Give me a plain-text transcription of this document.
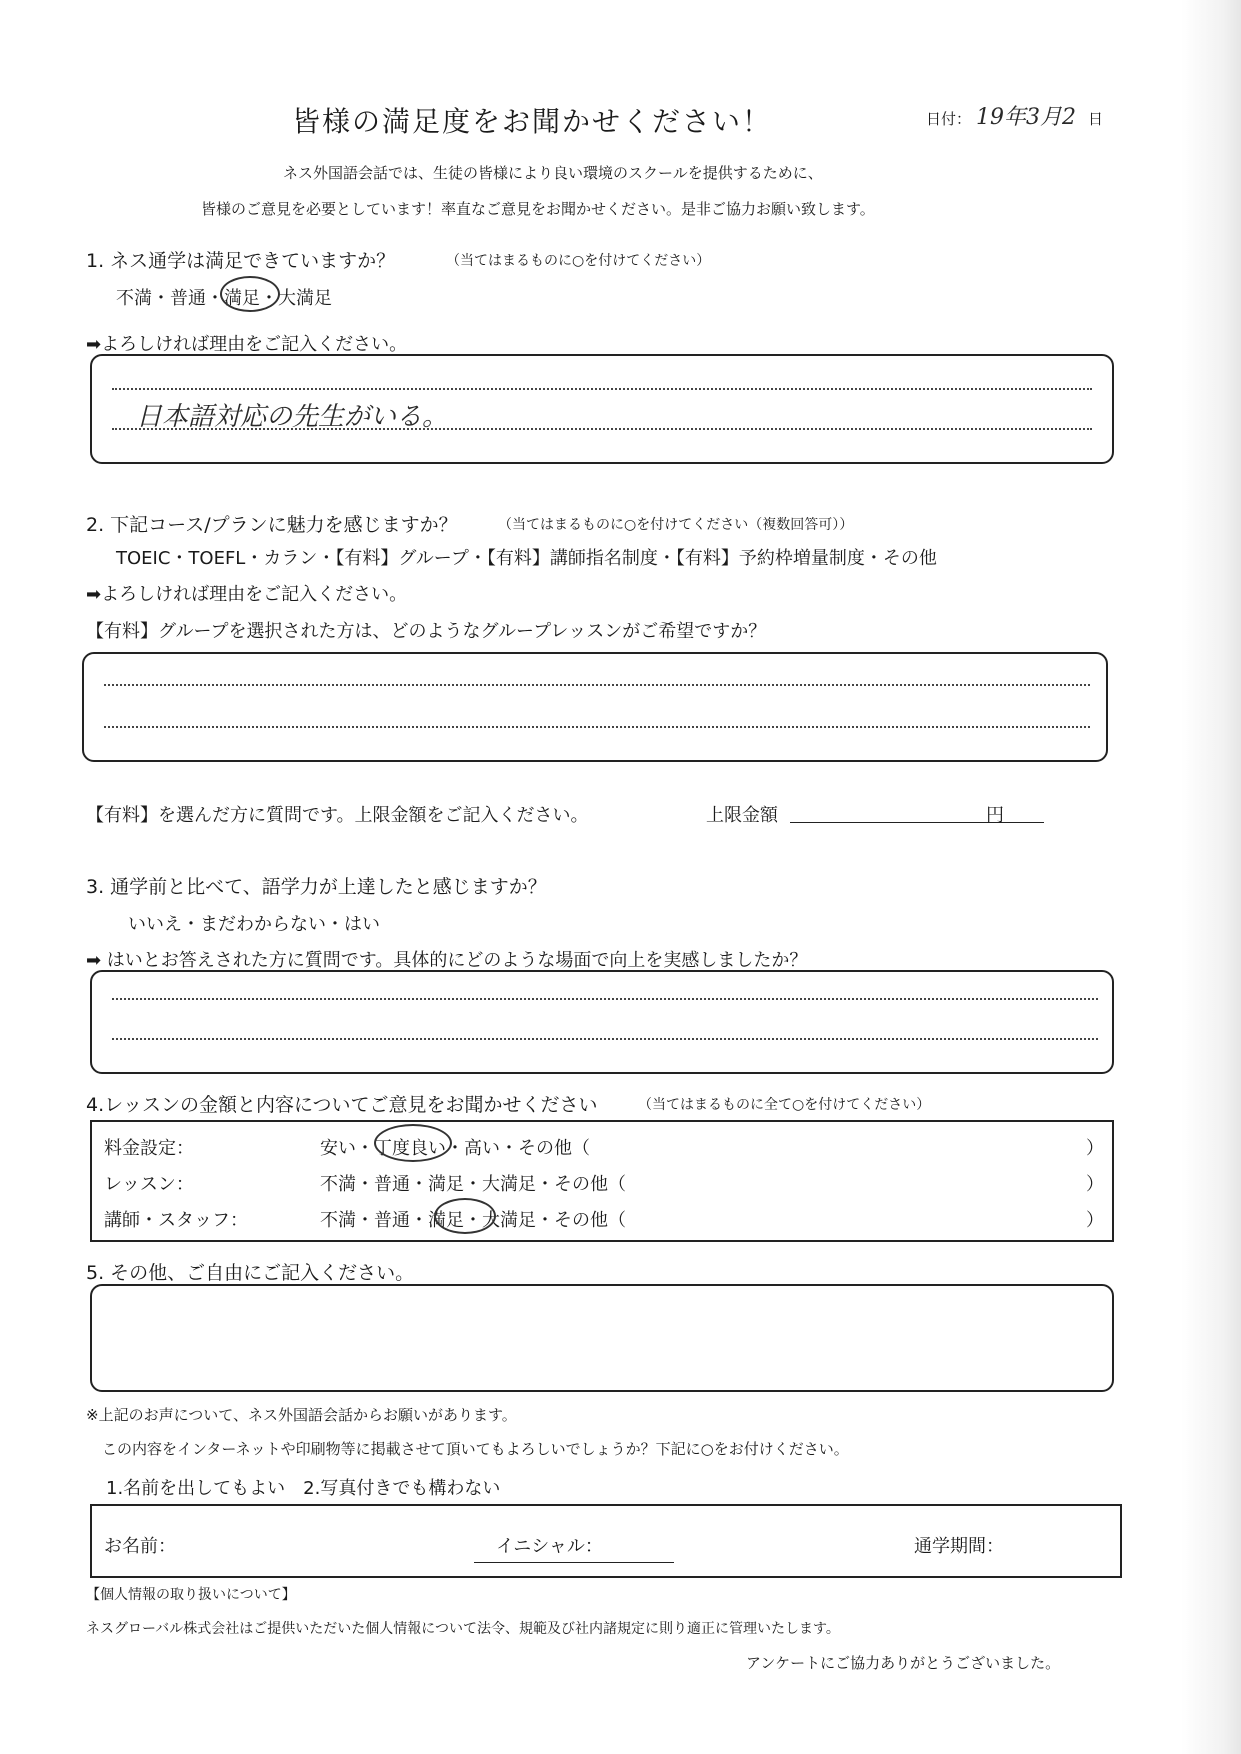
皆様の満足度をお聞かせください！	日付： 19年3月2 日
ネス外国語会話では、生徒の皆様により良い環境のスクールを提供するために、
皆様のご意見を必要としています！率直なご意見をお聞かせください。是非ご協力お願い致します。
1. ネス通学は満足できていますか？	（当てはまるものに○を付けてください）
不満・普通・満足・大満足
➡よろしければ理由をご記入ください。
日本語対応の先生がいる。
2. 下記コース/プランに魅力を感じますか？	（当てはまるものに○を付けてください（複数回答可））
TOEIC・TOEFL・カラン・【有料】グループ・【有料】講師指名制度・【有料】予約枠増量制度・その他
➡よろしければ理由をご記入ください。
【有料】グループを選択された方は、どのようなグループレッスンがご希望ですか？
【有料】を選んだ方に質問です。上限金額をご記入ください。	上限金額	円
3. 通学前と比べて、語学力が上達したと感じますか？
いいえ・まだわからない・はい
➡ はいとお答えされた方に質問です。具体的にどのような場面で向上を実感しましたか？
4.レッスンの金額と内容についてご意見をお聞かせください	（当てはまるものに全て○を付けてください）
料金設定：	安い・丁度良い・高い・その他（	）
レッスン：	不満・普通・満足・大満足・その他（	）
講師・スタッフ：	不満・普通・満足・大満足・その他（	）
5. その他、ご自由にご記入ください。
※上記のお声について、ネス外国語会話からお願いがあります。
この内容をインターネットや印刷物等に掲載させて頂いてもよろしいでしょうか？下記に○をお付けください。
1.名前を出してもよい　2.写真付きでも構わない
お名前：	イニシャル：	通学期間：
【個人情報の取り扱いについて】
ネスグローバル株式会社はご提供いただいた個人情報について法令、規範及び社内諸規定に則り適正に管理いたします。
アンケートにご協力ありがとうございました。
